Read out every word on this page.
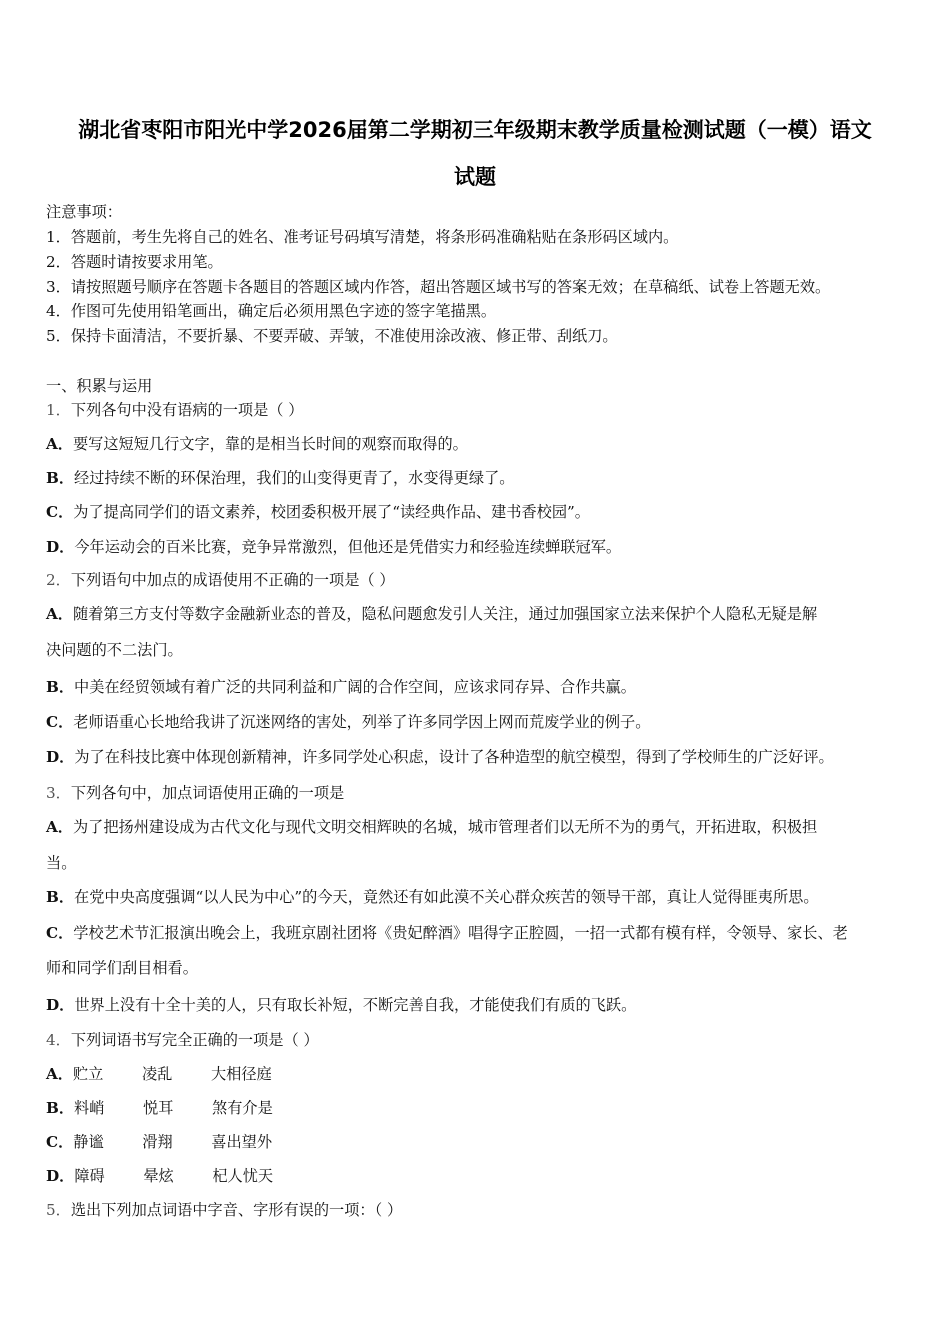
湖北省枣阳市阳光中学2026届第二学期初三年级期末教学质量检测试题（一模）语文
试题
注意事项：
1．答题前，考生先将自己的姓名、准考证号码填写清楚，将条形码准确粘贴在条形码区域内。
2．答题时请按要求用笔。
3．请按照题号顺序在答题卡各题目的答题区域内作答，超出答题区域书写的答案无效；在草稿纸、试卷上答题无效。
4．作图可先使用铅笔画出，确定后必须用黑色字迹的签字笔描黑。
5．保持卡面清洁，不要折暴、不要弄破、弄皱，不准使用涂改液、修正带、刮纸刀。
一、积累与运用
1．下列各句中没有语病的一项是（ ）
A．要写这短短几行文字，靠的是相当长时间的观察而取得的。
B．经过持续不断的环保治理，我们的山变得更青了，水变得更绿了。
C．为了提高同学们的语文素养，校团委积极开展了“读经典作品、建书香校园”。
D．今年运动会的百米比赛，竞争异常激烈，但他还是凭借实力和经验连续蝉联冠军。
2．下列语句中加点的成语使用不正确的一项是（ ）
A．随着第三方支付等数字金融新业态的普及，隐私问题愈发引人关注，通过加强国家立法来保护个人隐私无疑是解
决问题的不二法门。
B．中美在经贸领域有着广泛的共同利益和广阔的合作空间，应该求同存异、合作共赢。
C．老师语重心长地给我讲了沉迷网络的害处，列举了许多同学因上网而荒废学业的例子。
D．为了在科技比赛中体现创新精神，许多同学处心积虑，设计了各种造型的航空模型，得到了学校师生的广泛好评。
3．下列各句中，加点词语使用正确的一项是
A．为了把扬州建设成为古代文化与现代文明交相辉映的名城，城市管理者们以无所不为的勇气，开拓进取，积极担
当。
B．在党中央高度强调“以人民为中心”的今天，竟然还有如此漠不关心群众疾苦的领导干部，真让人觉得匪夷所思。
C．学校艺术节汇报演出晚会上，我班京剧社团将《贵妃醉酒》唱得字正腔圆，一招一式都有模有样，令领导、家长、老
师和同学们刮目相看。
D．世界上没有十全十美的人，只有取长补短，不断完善自我，才能使我们有质的飞跃。
4．下列词语书写完全正确的一项是（ ）
A．贮立        凌乱        大相径庭
B．料峭        悦耳        煞有介是
C．静谧        滑翔        喜出望外
D．障碍        晕炫        杞人忧天
5．选出下列加点词语中字音、字形有误的一项：（ ）
